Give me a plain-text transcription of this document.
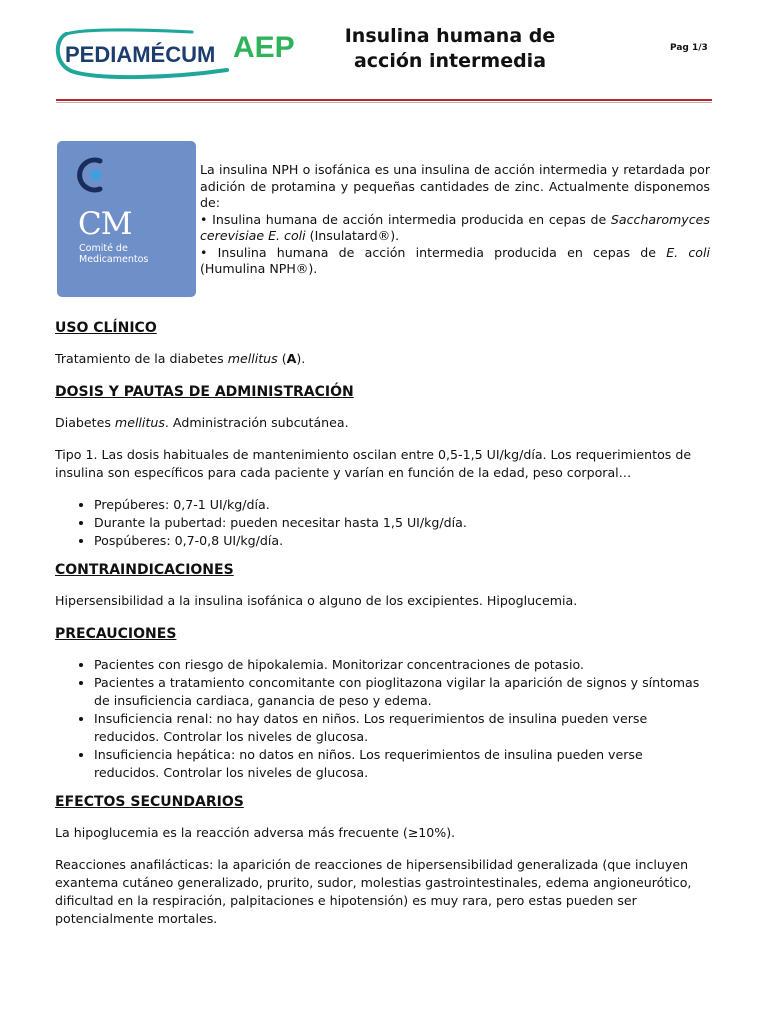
PEDIAMÉCUM AEP	Insulina humana de
acción intermedia
Pag 1/3
CM
Comité de
Medicamentos

La insulina NPH o isofánica es una insulina de acción intermedia y retardada por adición de protamina y pequeñas cantidades de zinc. Actualmente disponemos de:

• Insulina humana de acción intermedia producida en cepas de Saccharomyces cerevisiae E. coli (Insulatard®).

• Insulina humana de acción intermedia producida en cepas de E. coli (Humulina NPH®).

USO CLÍNICO

Tratamiento de la diabetes mellitus (A).

DOSIS Y PAUTAS DE ADMINISTRACIÓN

Diabetes mellitus. Administración subcutánea.

Tipo 1. Las dosis habituales de mantenimiento oscilan entre 0,5-1,5 UI/kg/día. Los requerimientos de insulina son específicos para cada paciente y varían en función de la edad, peso corporal…

• Prepúberes: 0,7-1 UI/kg/día.
• Durante la pubertad: pueden necesitar hasta 1,5 UI/kg/día.
• Pospúberes: 0,7-0,8 UI/kg/día.
CONTRAINDICACIONES

Hipersensibilidad a la insulina isofánica o alguno de los excipientes. Hipoglucemia.

PRECAUCIONES
• Pacientes con riesgo de hipokalemia. Monitorizar concentraciones de potasio.
• Pacientes a tratamiento concomitante con pioglitazona vigilar la aparición de signos y síntomas de insuficiencia cardiaca, ganancia de peso y edema.
• Insuficiencia renal: no hay datos en niños. Los requerimientos de insulina pueden verse reducidos. Controlar los niveles de glucosa.
• Insuficiencia hepática: no datos en niños. Los requerimientos de insulina pueden verse reducidos. Controlar los niveles de glucosa.
EFECTOS SECUNDARIOS

La hipoglucemia es la reacción adversa más frecuente (≥10%).

Reacciones anafilácticas: la aparición de reacciones de hipersensibilidad generalizada (que incluyen exantema cutáneo generalizado, prurito, sudor, molestias gastrointestinales, edema angioneurótico, dificultad en la respiración, palpitaciones e hipotensión) es muy rara, pero estas pueden ser potencialmente mortales.
